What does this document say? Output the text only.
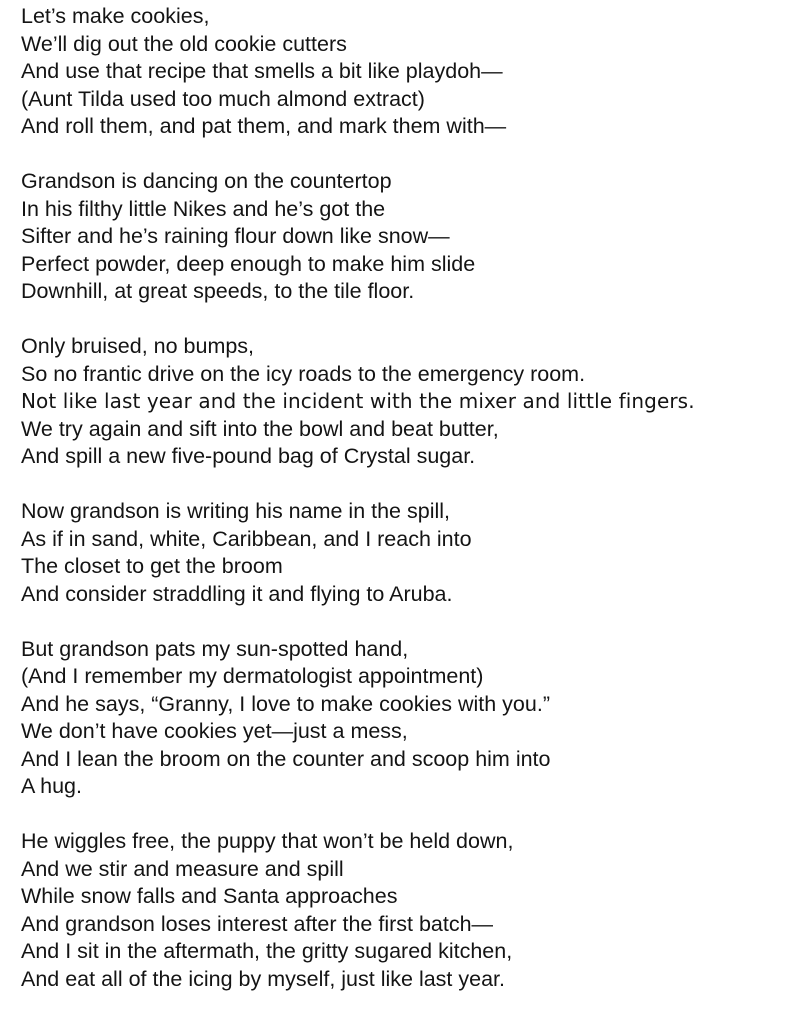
Let’s make cookies,
We’ll dig out the old cookie cutters
And use that recipe that smells a bit like playdoh—
(Aunt Tilda used too much almond extract)
And roll them, and pat them, and mark them with—
Grandson is dancing on the countertop
In his filthy little Nikes and he’s got the
Sifter and he’s raining flour down like snow—
Perfect powder, deep enough to make him slide
Downhill, at great speeds, to the tile floor.
Only bruised, no bumps,
So no frantic drive on the icy roads to the emergency room.
Not like last year and the incident with the mixer and little fingers.
We try again and sift into the bowl and beat butter,
And spill a new five-pound bag of Crystal sugar.
Now grandson is writing his name in the spill,
As if in sand, white, Caribbean, and I reach into
The closet to get the broom
And consider straddling it and flying to Aruba.
But grandson pats my sun-spotted hand,
(And I remember my dermatologist appointment)
And he says, “Granny, I love to make cookies with you.”
We don’t have cookies yet—just a mess,
And I lean the broom on the counter and scoop him into
A hug.
He wiggles free, the puppy that won’t be held down,
And we stir and measure and spill
While snow falls and Santa approaches
And grandson loses interest after the first batch—
And I sit in the aftermath, the gritty sugared kitchen,
And eat all of the icing by myself, just like last year.
